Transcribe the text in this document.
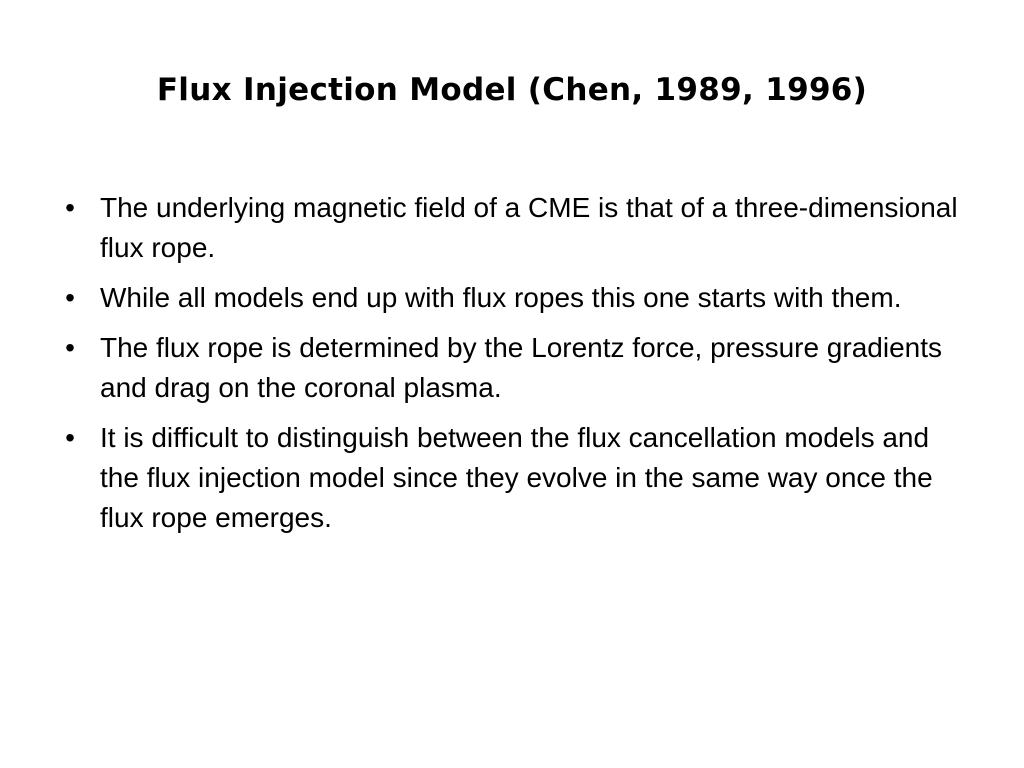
Flux Injection Model (Chen, 1989, 1996)
• The underlying magnetic field of a CME is that of a three-dimensional flux rope.
• While all models end up with flux ropes this one starts with them.
• The flux rope is determined by the Lorentz force, pressure gradients and drag on the coronal plasma.
• It is difficult to distinguish between the flux cancellation models and the flux injection model since they evolve in the same way once the flux rope emerges.
